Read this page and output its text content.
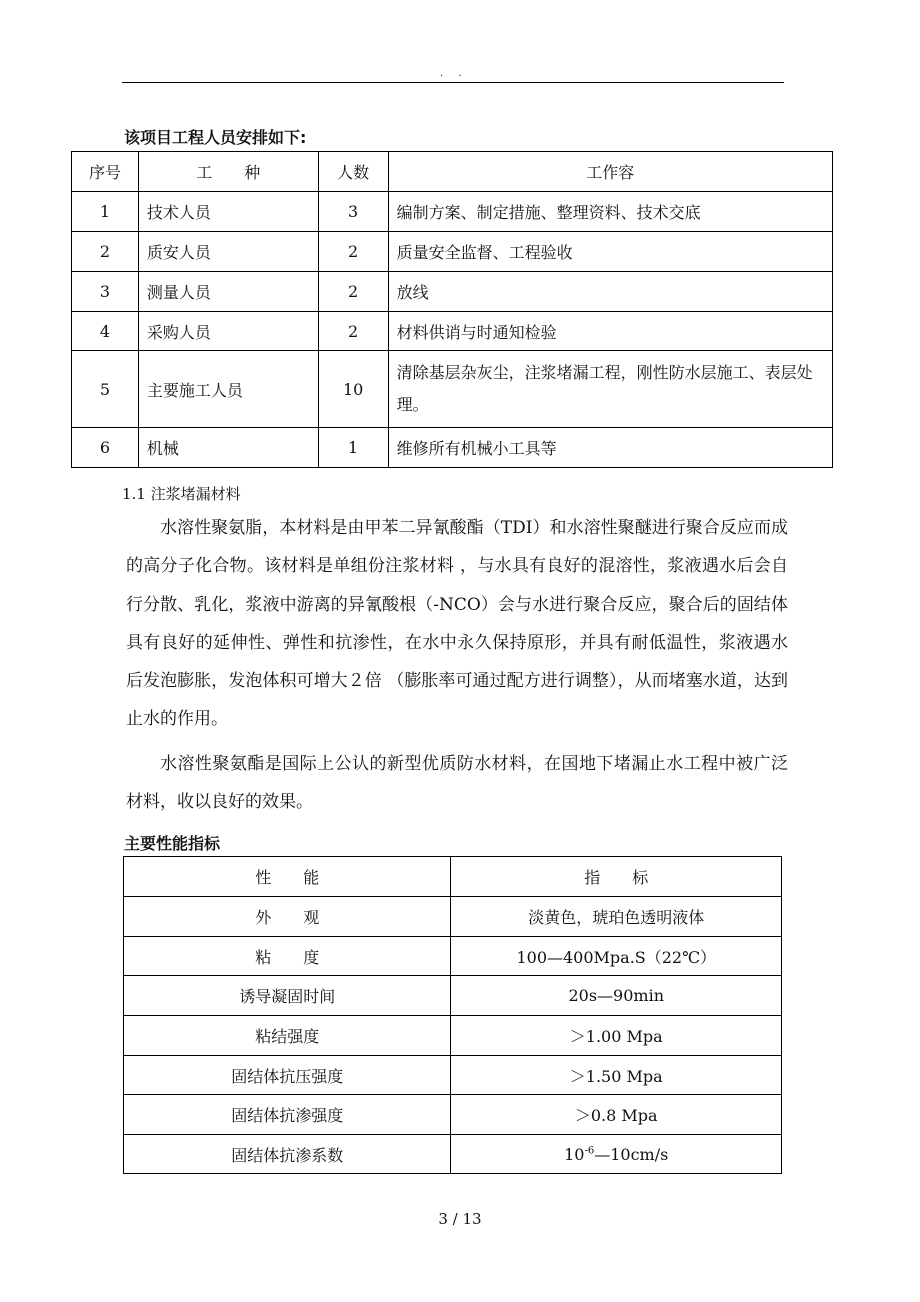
. .
该项目工程人员安排如下:
序号	工　　种	人数	工作容
1	技术人员	3	编制方案、制定措施、整理资料、技术交底
2	质安人员	2	质量安全监督、工程验收
3	测量人员	2	放线
4	采购人员	2	材料供诮与时通知检验
5	主要施工人员	10	清除基层杂灰尘，注浆堵漏工程，刚性防水层施工、表层处理。
6	机械	1	维修所有机械小工具等
1.1 注浆堵漏材料

水溶性聚氨脂，本材料是由甲苯二异氰酸酯（TDI）和水溶性聚醚进行聚合反应而成的高分子化合物。该材料是单组份注浆材料 ，与水具有良好的混溶性，浆液遇水后会自行分散、乳化，浆液中游离的异氰酸根（-NCO）会与水进行聚合反应，聚合后的固结体具有良好的延伸性、弹性和抗渗性，在水中永久保持原形，并具有耐低温性，浆液遇水后发泡膨胀，发泡体积可增大２倍 （膨胀率可通过配方进行调整），从而堵塞水道，达到止水的作用。

水溶性聚氨酯是国际上公认的新型优质防水材料，在国地下堵漏止水工程中被广泛材料，收以良好的效果。

主要性能指标
性　　能	指　　标
外　　观	淡黄色，琥珀色透明液体
粘　　度	100—400Mpa.S（22℃）
诱导凝固时间	20s—90min
粘结强度	＞1.00 Mpa
固结体抗压强度	＞1.50 Mpa
固结体抗渗强度	＞0.8 Mpa
固结体抗渗系数	$10^{-6}—10cm/s$
3 / 13
